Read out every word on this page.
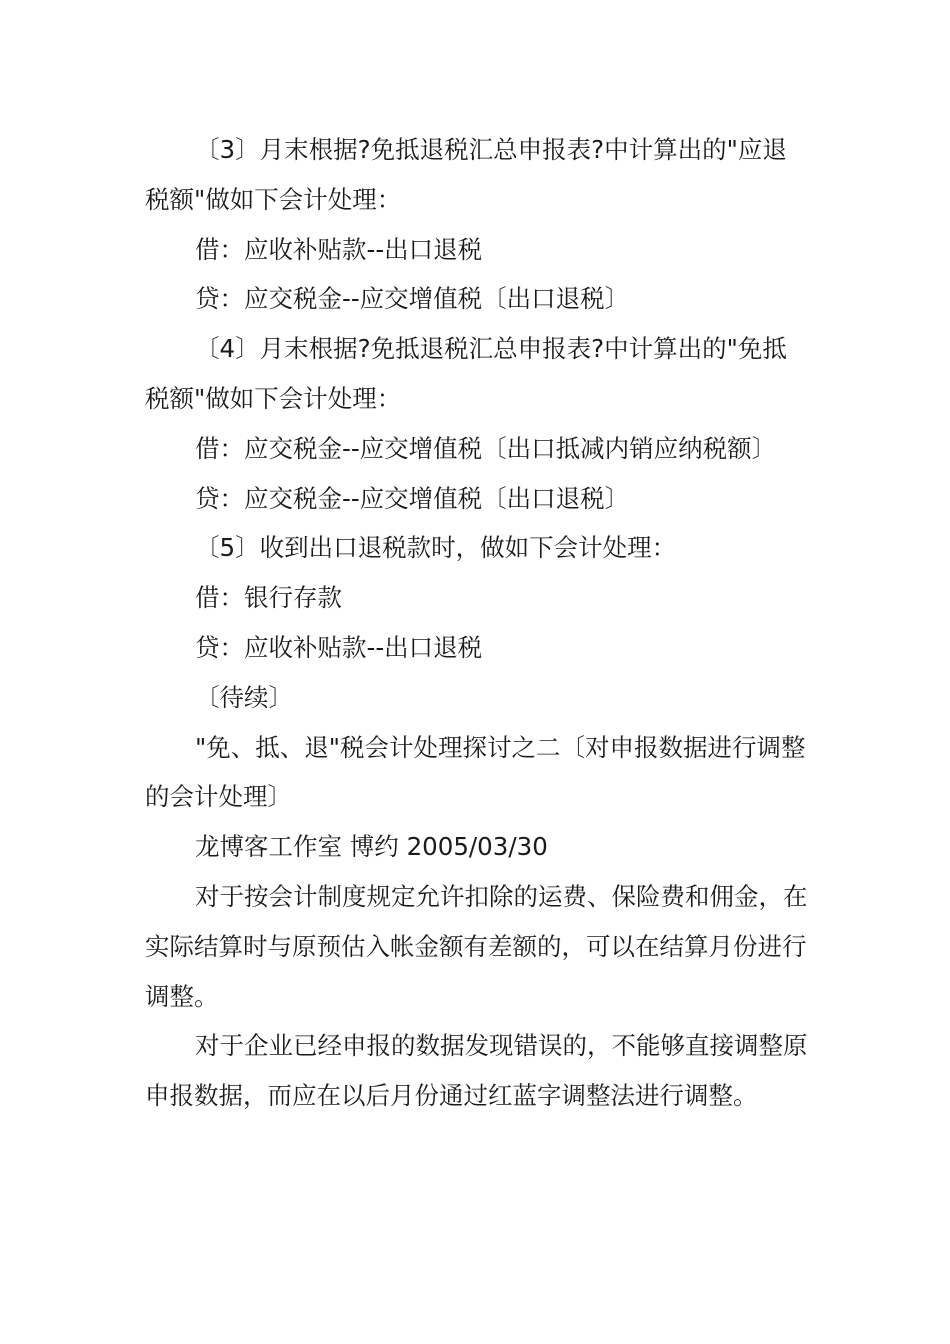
〔3〕月末根据?免抵退税汇总申报表?中计算出的"应退税额"做如下会计处理：

借：应收补贴款--出口退税

贷：应交税金--应交增值税〔出口退税〕

〔4〕月末根据?免抵退税汇总申报表?中计算出的"免抵税额"做如下会计处理：

借：应交税金--应交增值税〔出口抵减内销应纳税额〕

贷：应交税金--应交增值税〔出口退税〕

〔5〕收到出口退税款时，做如下会计处理：

借：银行存款

贷：应收补贴款--出口退税

〔待续〕

"免、抵、退"税会计处理探讨之二〔对申报数据进行调整的会计处理〕

龙博客工作室 博约 2005/03/30

对于按会计制度规定允许扣除的运费、保险费和佣金，在实际结算时与原预估入帐金额有差额的，可以在结算月份进行调整。

对于企业已经申报的数据发现错误的，不能够直接调整原申报数据，而应在以后月份通过红蓝字调整法进行调整。
